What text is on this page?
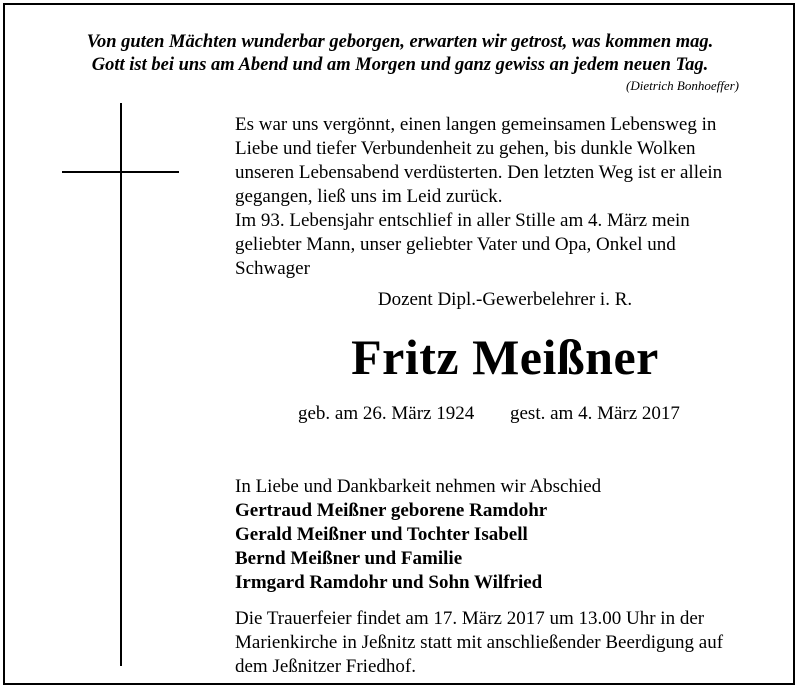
Von guten Mächten wunderbar geborgen, erwarten wir getrost, was kommen mag.
Gott ist bei uns am Abend und am Morgen und ganz gewiss an jedem neuen Tag.
(Dietrich Bonhoeffer)

Es war uns vergönnt, einen langen gemeinsamen Lebensweg in

Liebe und tiefer Verbundenheit zu gehen, bis dunkle Wolken

unseren Lebensabend verdüsterten. Den letzten Weg ist er allein

gegangen, ließ uns im Leid zurück.

Im 93. Lebensjahr entschlief in aller Stille am 4. März mein

geliebter Mann, unser geliebter Vater und Opa, Onkel und

Schwager

Dozent Dipl.-Gewerbelehrer i. R.
Fritz Meißner
geb. am 26. März 1924 gest. am 4. März 2017
In Liebe und Dankbarkeit nehmen wir Abschied
Gertraud Meißner geborene Ramdohr
Gerald Meißner und Tochter Isabell
Bernd Meißner und Familie
Irmgard Ramdohr und Sohn Wilfried

Die Trauerfeier findet am 17. März 2017 um 13.00 Uhr in der

Marienkirche in Jeßnitz statt mit anschließender Beerdigung auf

dem Jeßnitzer Friedhof.
